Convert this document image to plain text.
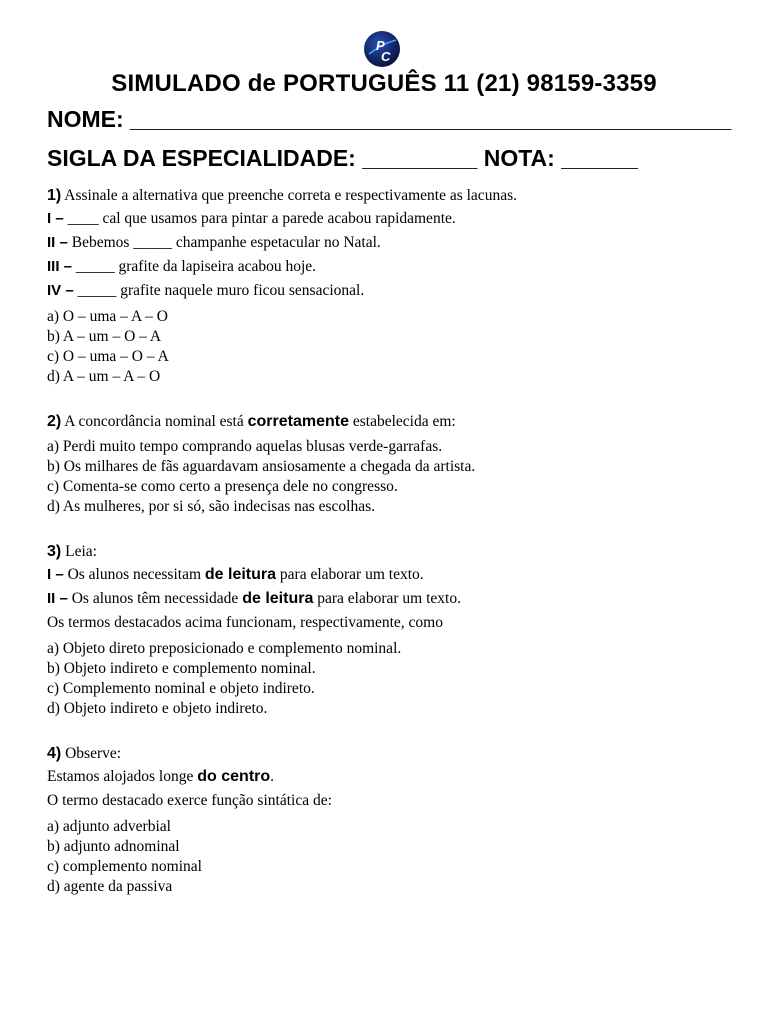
P
C
SIMULADO de PORTUGUÊS 11 (21) 98159-3359
NOME: _______________________________________________
SIGLA DA ESPECIALIDADE: _________ NOTA: ______

1) Assinale a alternativa que preenche correta e respectivamente as lacunas.

I – ____ cal que usamos para pintar a parede acabou rapidamente.

II – Bebemos _____ champanhe espetacular no Natal.

III – _____ grafite da lapiseira acabou hoje.

IV – _____ grafite naquele muro ficou sensacional.

a) O – uma – A – O
b) A – um – O – A
c) O – uma – O – A
d) A – um – A – O

2) A concordância nominal está corretamente estabelecida em:

a) Perdi muito tempo comprando aquelas blusas verde-garrafas.
b) Os milhares de fãs aguardavam ansiosamente a chegada da artista.
c) Comenta-se como certo a presença dele no congresso.
d) As mulheres, por si só, são indecisas nas escolhas.

3) Leia:

I – Os alunos necessitam de leitura para elaborar um texto.

II – Os alunos têm necessidade de leitura para elaborar um texto.

Os termos destacados acima funcionam, respectivamente, como

a) Objeto direto preposicionado e complemento nominal.
b) Objeto indireto e complemento nominal.
c) Complemento nominal e objeto indireto.
d) Objeto indireto e objeto indireto.

4) Observe:

Estamos alojados longe do centro.

O termo destacado exerce função sintática de:

a) adjunto adverbial
b) adjunto adnominal
c) complemento nominal
d) agente da passiva
